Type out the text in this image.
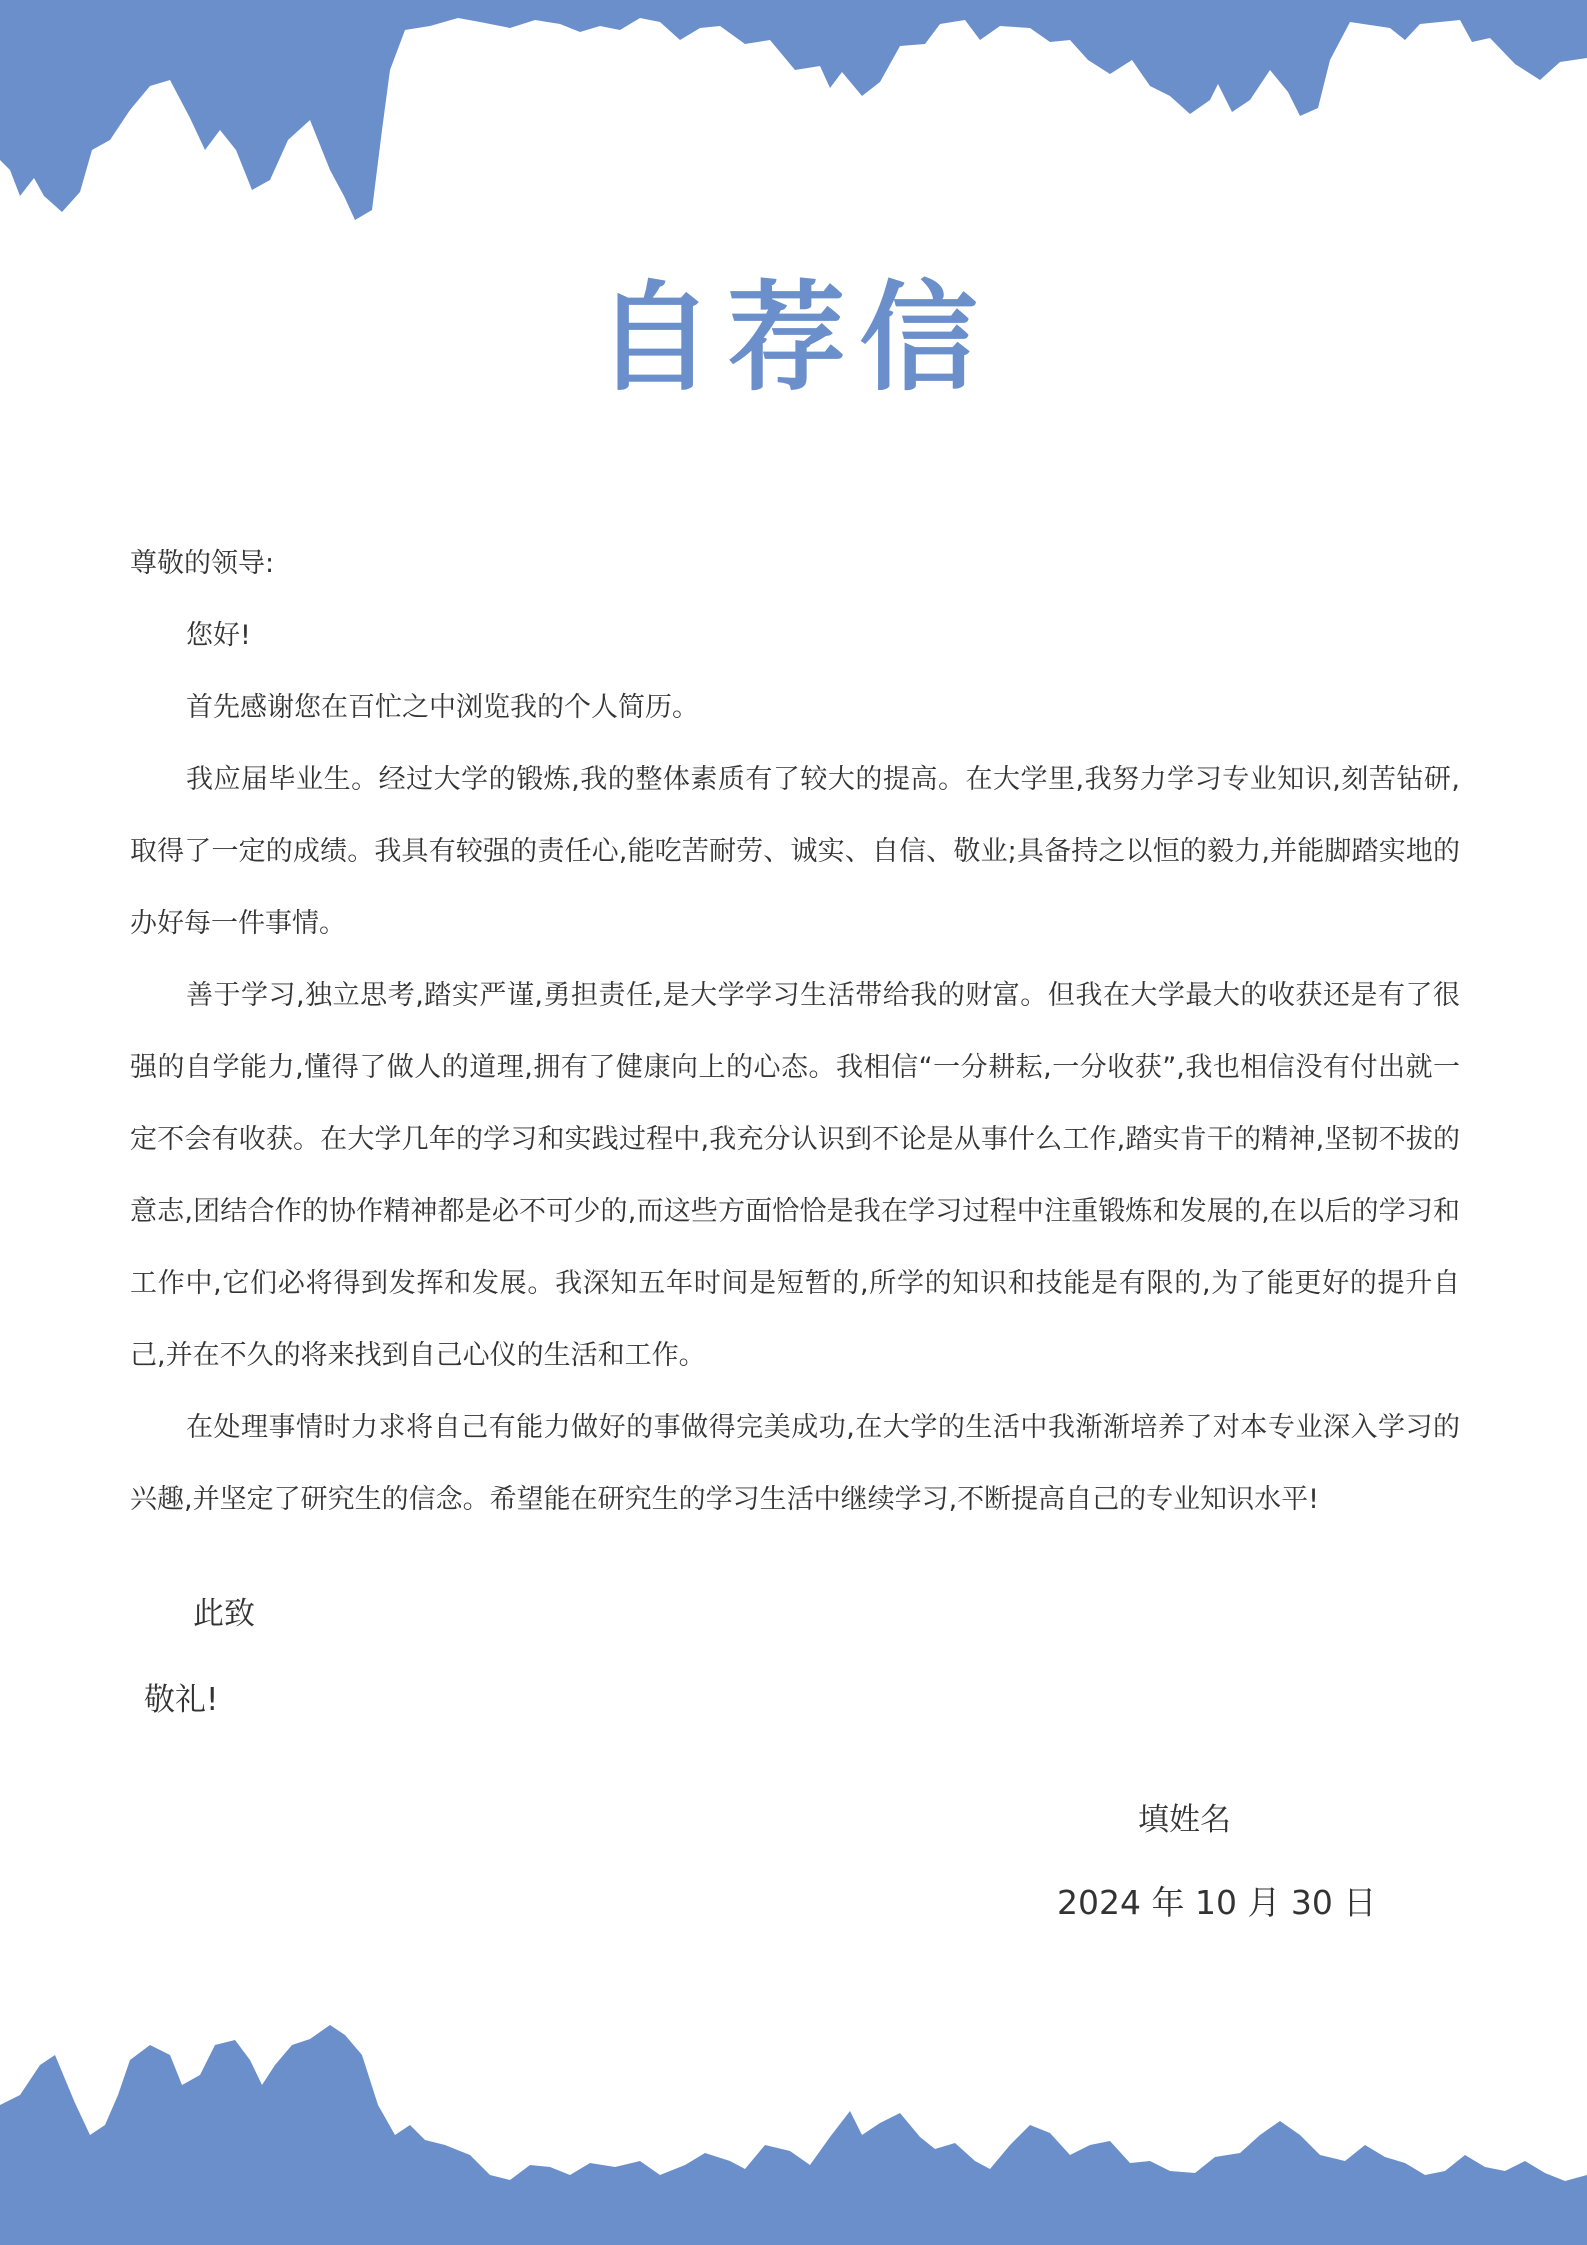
自荐信

尊敬的领导:

您好!

首先感谢您在百忙之中浏览我的个人简历。

我应届毕业生。经过大学的锻炼,我的整体素质有了较大的提高。在大学里,我努力学习专业知识,刻苦钻研,取得了一定的成绩。我具有较强的责任心,能吃苦耐劳、诚实、自信、敬业;具备持之以恒的毅力,并能脚踏实地的办好每一件事情。

善于学习,独立思考,踏实严谨,勇担责任,是大学学习生活带给我的财富。但我在大学最大的收获还是有了很强的自学能力,懂得了做人的道理,拥有了健康向上的心态。我相信“一分耕耘,一分收获”,我也相信没有付出就一定不会有收获。在大学几年的学习和实践过程中,我充分认识到不论是从事什么工作,踏实肯干的精神,坚韧不拔的意志,团结合作的协作精神都是必不可少的,而这些方面恰恰是我在学习过程中注重锻炼和发展的,在以后的学习和工作中,它们必将得到发挥和发展。我深知五年时间是短暂的,所学的知识和技能是有限的,为了能更好的提升自己,并在不久的将来找到自己心仪的生活和工作。

在处理事情时力求将自己有能力做好的事做得完美成功,在大学的生活中我渐渐培养了对本专业深入学习的兴趣,并坚定了研究生的信念。希望能在研究生的学习生活中继续学习,不断提高自己的专业知识水平!

此致
敬礼!
填姓名
2024 年 10 月 30 日
